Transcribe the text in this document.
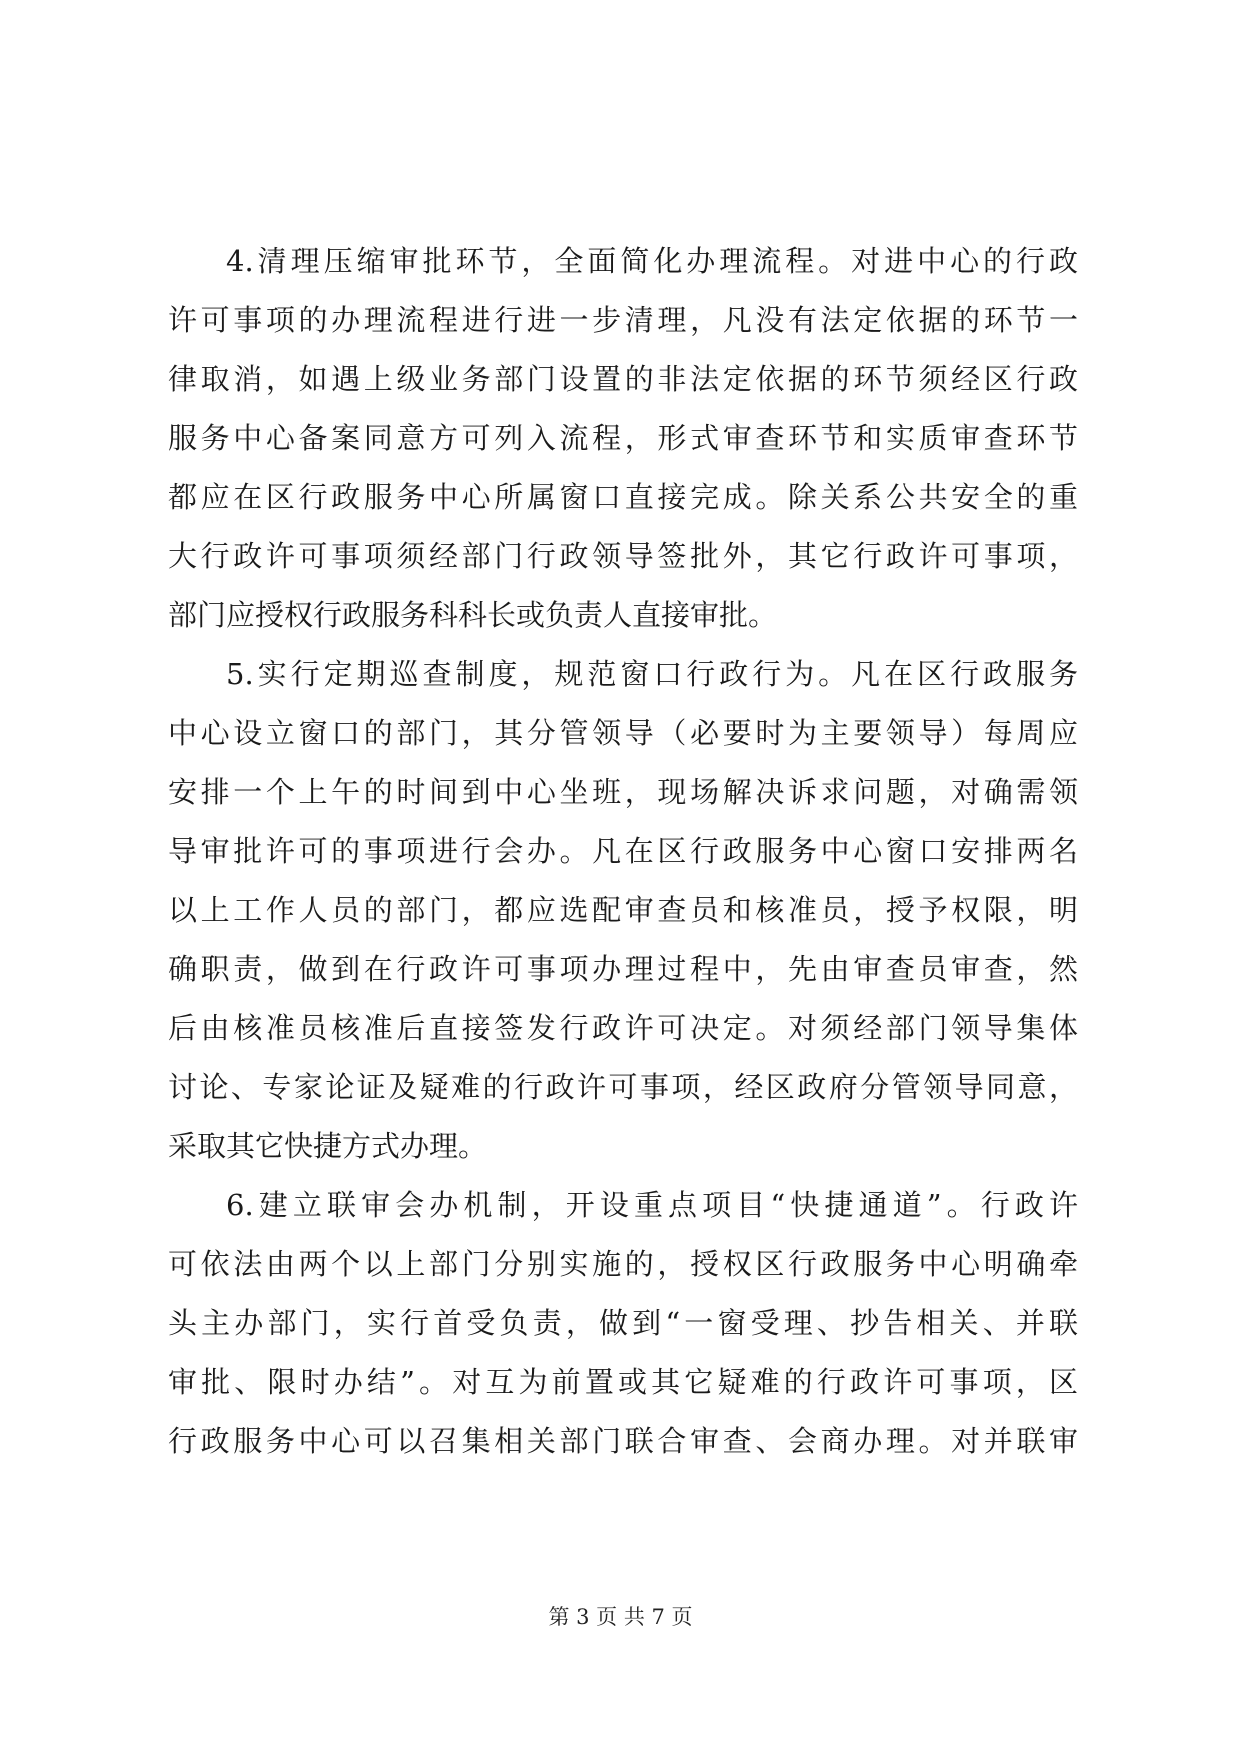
4.清理压缩审批环节，全面简化办理流程。对进中心的行政
许可事项的办理流程进行进一步清理，凡没有法定依据的环节一
律取消，如遇上级业务部门设置的非法定依据的环节须经区行政
服务中心备案同意方可列入流程，形式审查环节和实质审查环节
都应在区行政服务中心所属窗口直接完成。除关系公共安全的重
大行政许可事项须经部门行政领导签批外，其它行政许可事项，
部门应授权行政服务科科长或负责人直接审批。
5.实行定期巡查制度，规范窗口行政行为。凡在区行政服务
中心设立窗口的部门，其分管领导（必要时为主要领导）每周应
安排一个上午的时间到中心坐班，现场解决诉求问题，对确需领
导审批许可的事项进行会办。凡在区行政服务中心窗口安排两名
以上工作人员的部门，都应选配审查员和核准员，授予权限，明
确职责，做到在行政许可事项办理过程中，先由审查员审查，然
后由核准员核准后直接签发行政许可决定。对须经部门领导集体
讨论、专家论证及疑难的行政许可事项，经区政府分管领导同意，
采取其它快捷方式办理。
6.建立联审会办机制，开设重点项目“快捷通道”。行政许
可依法由两个以上部门分别实施的，授权区行政服务中心明确牵
头主办部门，实行首受负责，做到“一窗受理、抄告相关、并联
审批、限时办结”。对互为前置或其它疑难的行政许可事项，区
行政服务中心可以召集相关部门联合审查、会商办理。对并联审
第 3 页 共 7 页
